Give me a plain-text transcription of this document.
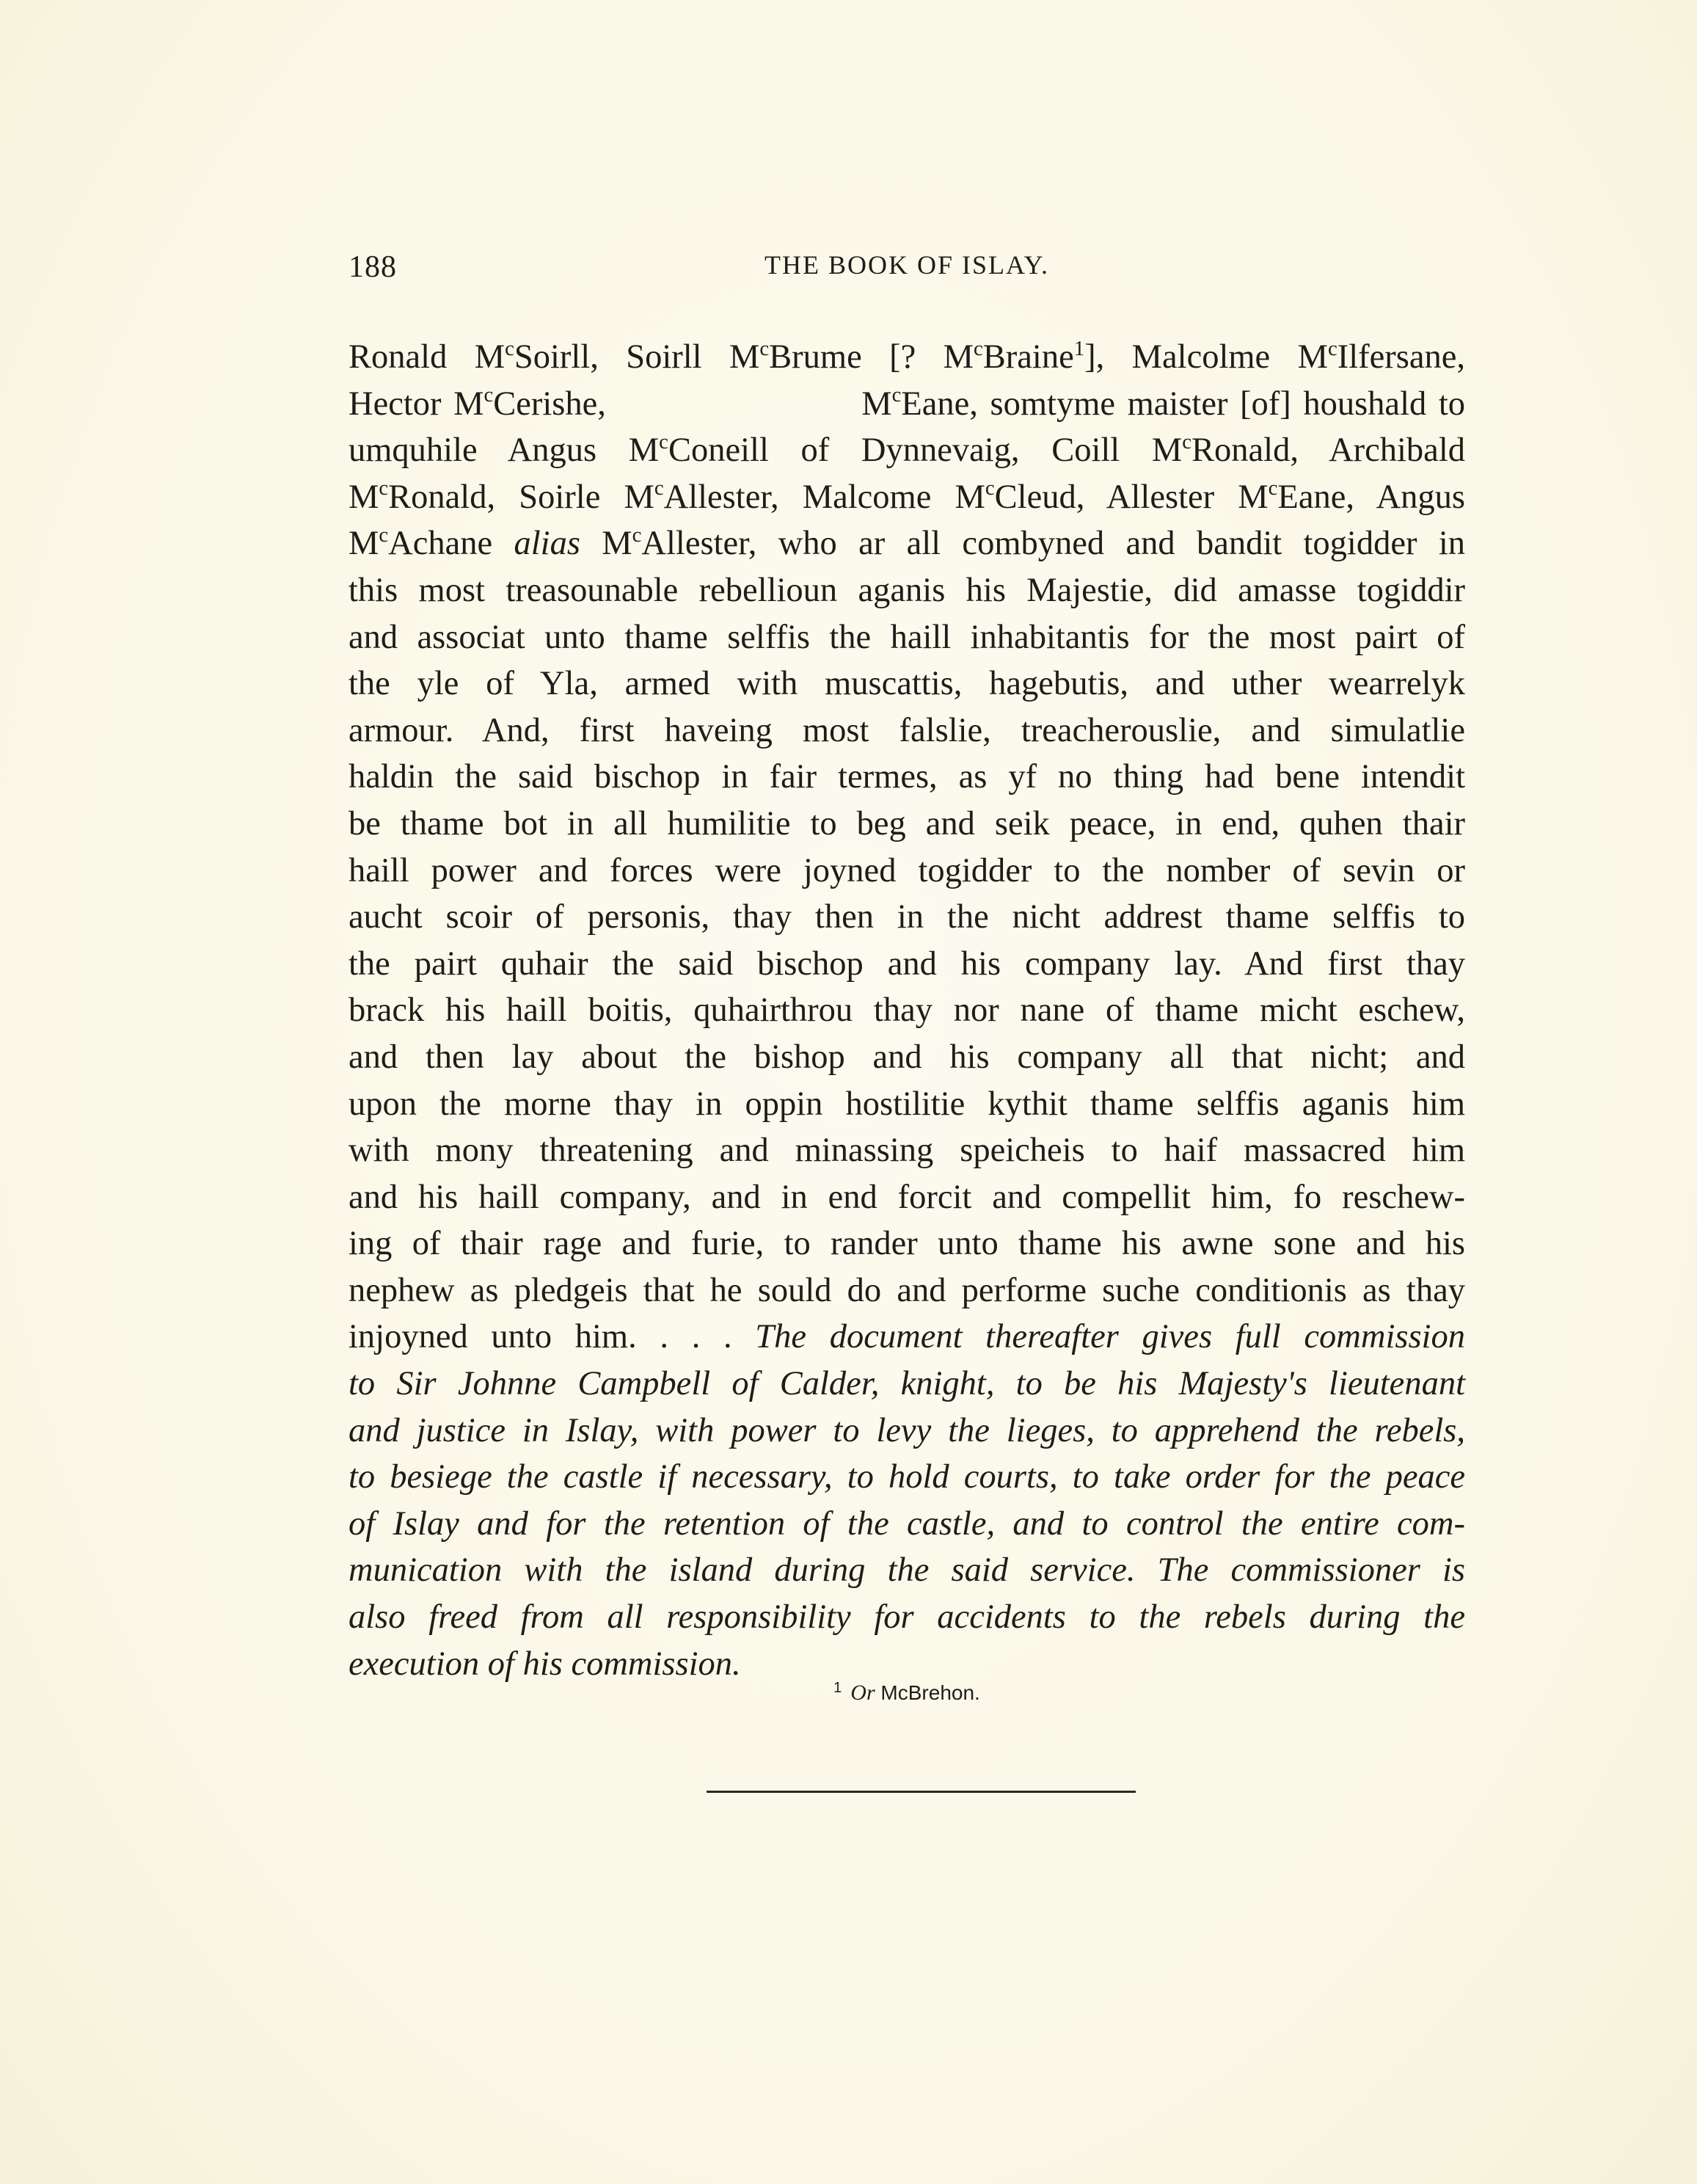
188	THE BOOK OF ISLAY.
Ronald $M^cSoirll$, Soirll $M^cBrume$ [? $M^cBraine^1$], Malcolme $M^cIlfersane$,
Hector $M^cCerishe$,                     $M^cEane$, somtyme maister [of] houshald to
umquhile Angus $M^cConeill$ of Dynnevaig, Coill $M^cRonald$, Archibald
$M^cRonald$, Soirle $M^cAllester$, Malcome $M^cCleud$, Allester $M^cEane$, Angus
$M^cAchane$ alias $M^cAllester$, who ar all combyned and bandit togidder in
this most treasounable rebellioun aganis his Majestie, did amasse togiddir
and associat unto thame selffis the haill inhabitantis for the most pairt of
the yle of Yla, armed with muscattis, hagebutis, and uther wearrelyk
armour. And, first haveing most falslie, treacherouslie, and simulatlie
haldin the said bischop in fair termes, as yf no thing had bene intendit
be thame bot in all humilitie to beg and seik peace, in end, quhen thair
haill power and forces were joyned togidder to the nomber of sevin or
aucht scoir of personis, thay then in the nicht addrest thame selffis to
the pairt quhair the said bischop and his company lay. And first thay
brack his haill boitis, quhairthrou thay nor nane of thame micht eschew,
and then lay about the bishop and his company all that nicht; and
upon the morne thay in oppin hostilitie kythit thame selffis aganis him
with mony threatening and minassing speicheis to haif massacred him
and his haill company, and in end forcit and compellit him, fo reschew-
ing of thair rage and furie, to rander unto thame his awne sone and his
nephew as pledgeis that he sould do and performe suche conditionis as thay
injoyned unto him. . . . The document thereafter gives full commission
to Sir Johnne Campbell of Calder, knight, to be his Majesty's lieutenant
and justice in Islay, with power to levy the lieges, to apprehend the rebels,
to besiege the castle if necessary, to hold courts, to take order for the peace
of Islay and for the retention of the castle, and to control the entire com-
munication with the island during the said service. The commissioner is
also freed from all responsibility for accidents to the rebels during the
execution of his commission.
$^1$ Or McBrehon.
